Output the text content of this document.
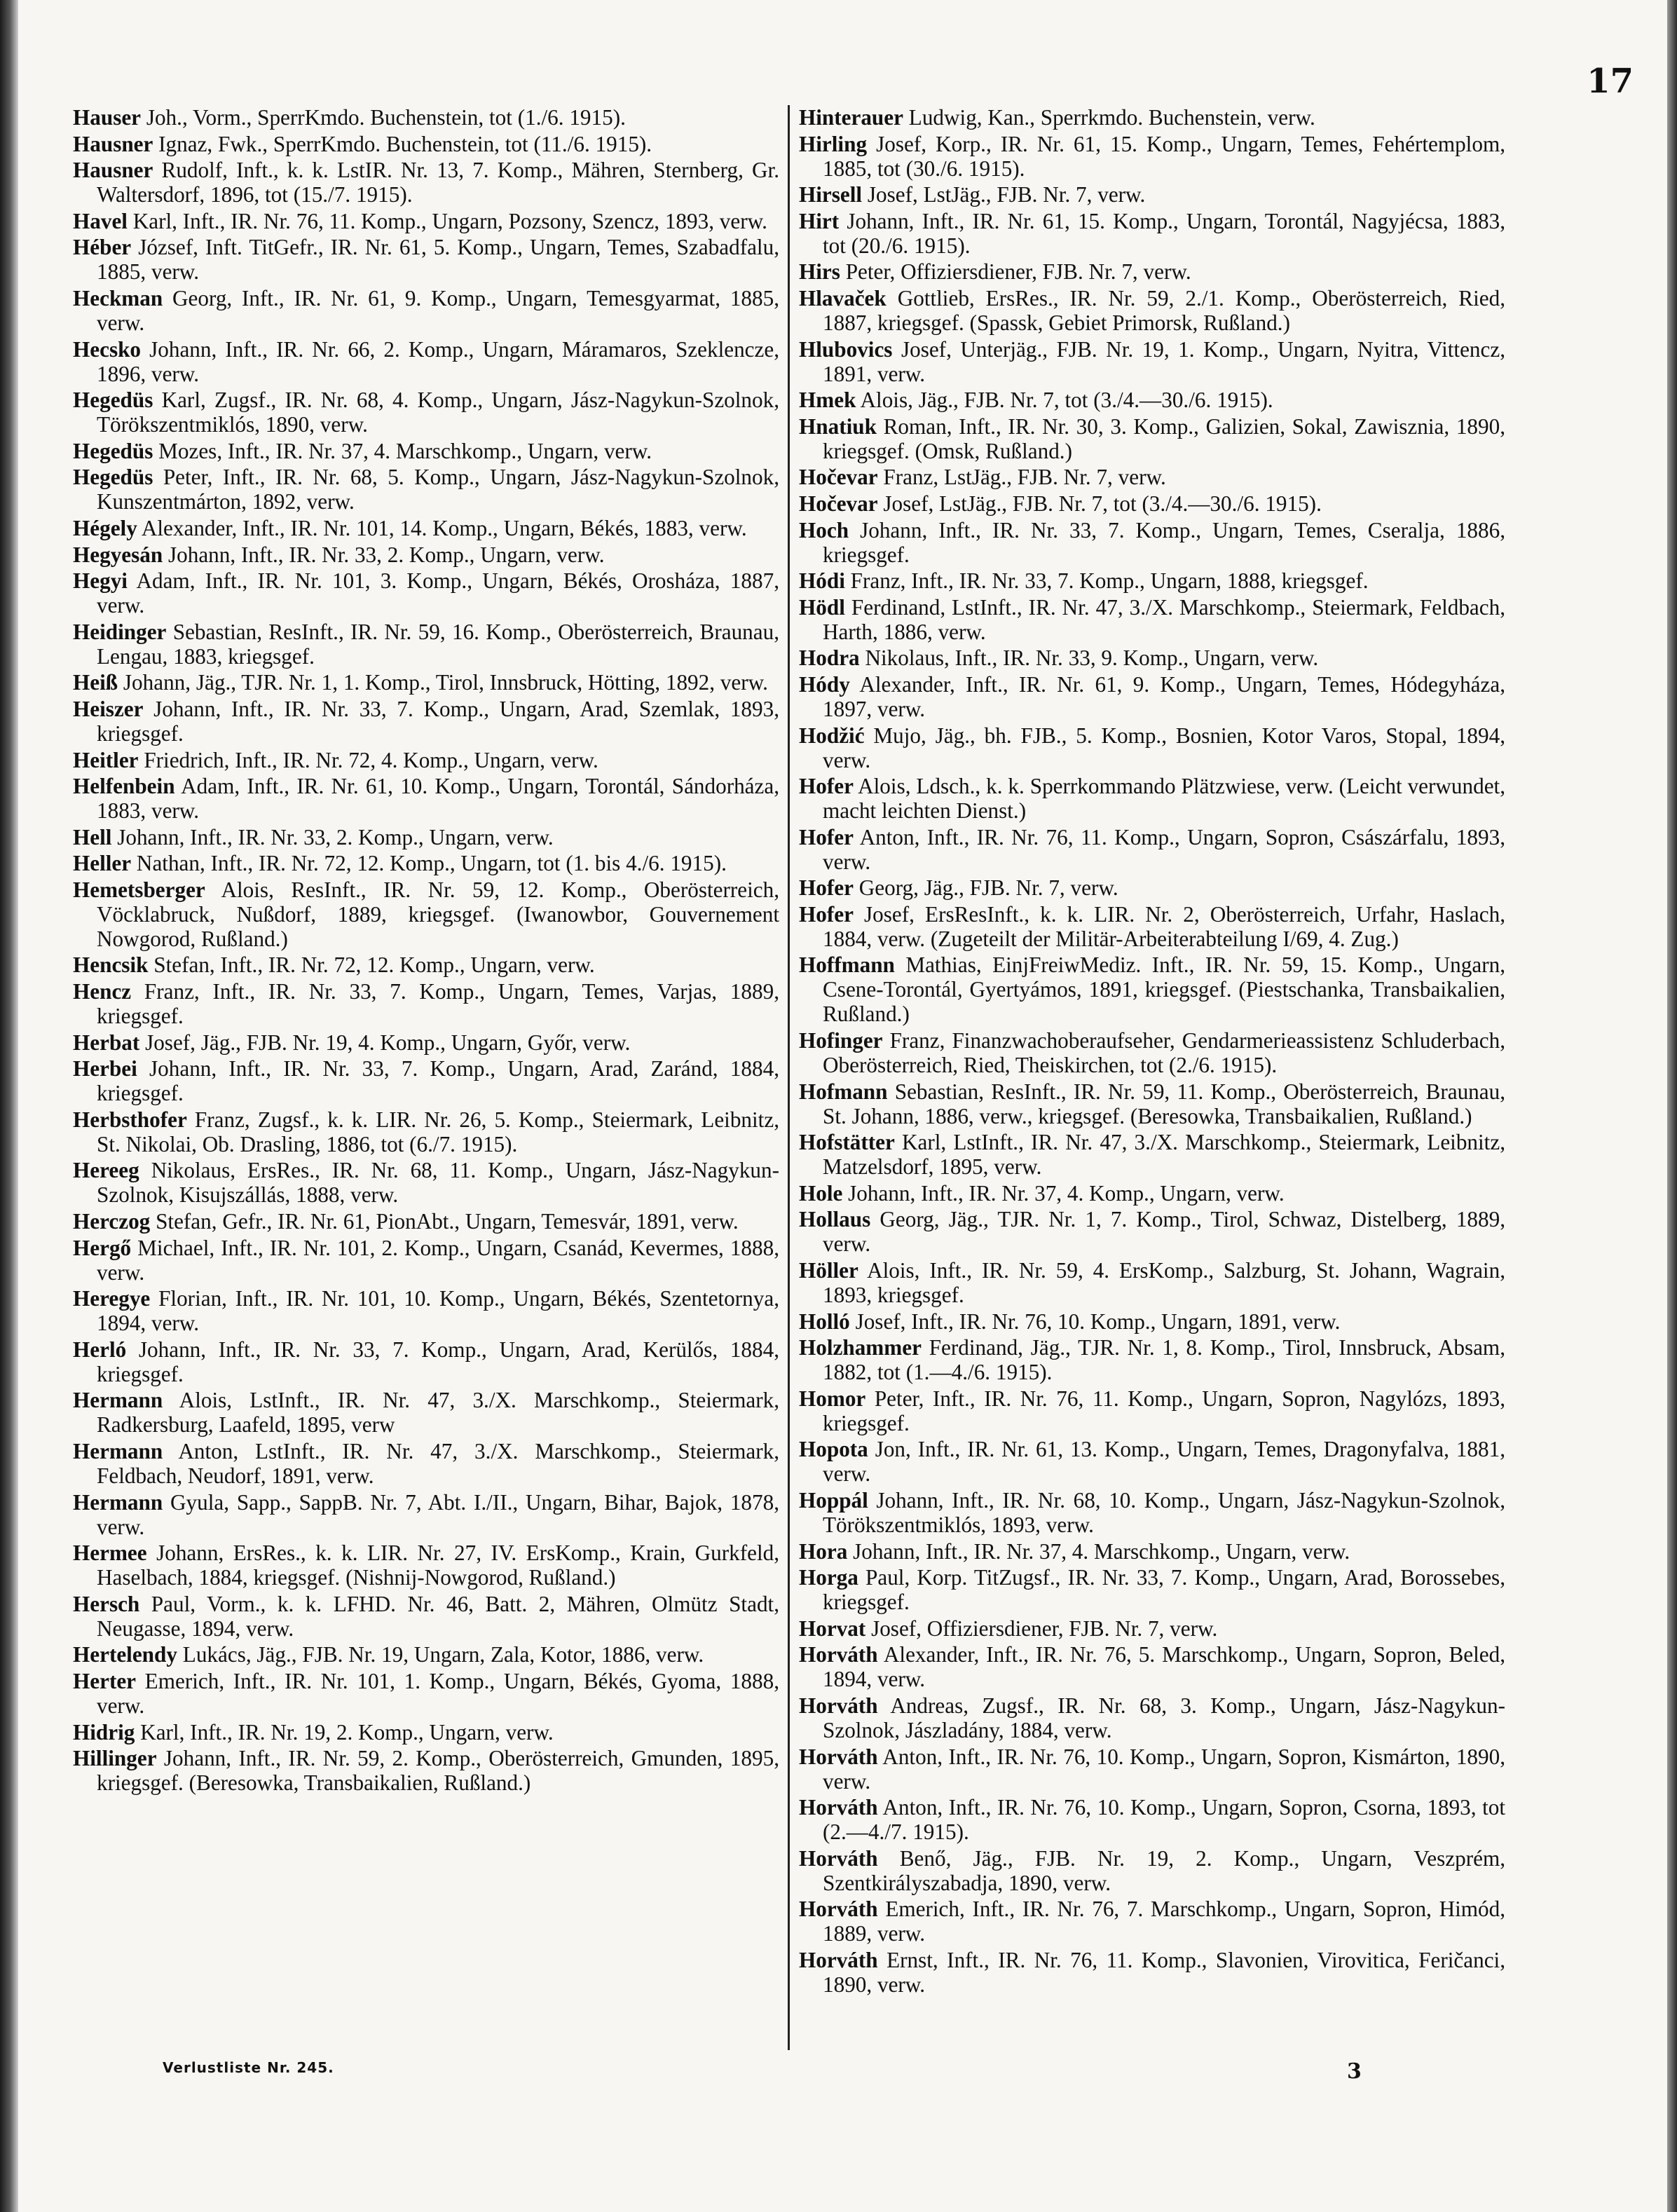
17

Hauser Joh., Vorm., SperrKmdo. Buchenstein, tot (1./6. 1915).

Hausner Ignaz, Fwk., SperrKmdo. Buchenstein, tot (11./6. 1915).

Hausner Rudolf, Inft., k. k. LstIR. Nr. 13, 7. Komp., Mähren, Sternberg, Gr. Waltersdorf, 1896, tot (15./7. 1915).

Havel Karl, Inft., IR. Nr. 76, 11. Komp., Ungarn, Pozsony, Szencz, 1893, verw.

Héber József, Inft. TitGefr., IR. Nr. 61, 5. Komp., Ungarn, Temes, Szabadfalu, 1885, verw.

Heckman Georg, Inft., IR. Nr. 61, 9. Komp., Ungarn, Temesgyarmat, 1885, verw.

Hecsko Johann, Inft., IR. Nr. 66, 2. Komp., Ungarn, Máramaros, Szeklencze, 1896, verw.

Hegedüs Karl, Zugsf., IR. Nr. 68, 4. Komp., Ungarn, Jász-Nagykun-Szolnok, Törökszentmiklós, 1890, verw.

Hegedüs Mozes, Inft., IR. Nr. 37, 4. Marschkomp., Ungarn, verw.

Hegedüs Peter, Inft., IR. Nr. 68, 5. Komp., Ungarn, Jász-Nagykun-Szolnok, Kunszentmárton, 1892, verw.

Hégely Alexander, Inft., IR. Nr. 101, 14. Komp., Ungarn, Békés, 1883, verw.

Hegyesán Johann, Inft., IR. Nr. 33, 2. Komp., Ungarn, verw.

Hegyi Adam, Inft., IR. Nr. 101, 3. Komp., Ungarn, Békés, Orosháza, 1887, verw.

Heidinger Sebastian, ResInft., IR. Nr. 59, 16. Komp., Oberösterreich, Braunau, Lengau, 1883, kriegsgef.

Heiß Johann, Jäg., TJR. Nr. 1, 1. Komp., Tirol, Innsbruck, Hötting, 1892, verw.

Heiszer Johann, Inft., IR. Nr. 33, 7. Komp., Ungarn, Arad, Szemlak, 1893, kriegsgef.

Heitler Friedrich, Inft., IR. Nr. 72, 4. Komp., Ungarn, verw.

Helfenbein Adam, Inft., IR. Nr. 61, 10. Komp., Ungarn, Torontál, Sándorháza, 1883, verw.

Hell Johann, Inft., IR. Nr. 33, 2. Komp., Ungarn, verw.

Heller Nathan, Inft., IR. Nr. 72, 12. Komp., Ungarn, tot (1. bis 4./6. 1915).

Hemetsberger Alois, ResInft., IR. Nr. 59, 12. Komp., Oberösterreich, Vöcklabruck, Nußdorf, 1889, kriegsgef. (Iwanowbor, Gouvernement Nowgorod, Rußland.)

Hencsik Stefan, Inft., IR. Nr. 72, 12. Komp., Ungarn, verw.

Hencz Franz, Inft., IR. Nr. 33, 7. Komp., Ungarn, Temes, Varjas, 1889, kriegsgef.

Herbat Josef, Jäg., FJB. Nr. 19, 4. Komp., Ungarn, Győr, verw.

Herbei Johann, Inft., IR. Nr. 33, 7. Komp., Ungarn, Arad, Zaránd, 1884, kriegsgef.

Herbsthofer Franz, Zugsf., k. k. LIR. Nr. 26, 5. Komp., Steiermark, Leibnitz, St. Nikolai, Ob. Drasling, 1886, tot (6./7. 1915).

Hereeg Nikolaus, ErsRes., IR. Nr. 68, 11. Komp., Ungarn, Jász-Nagykun-Szolnok, Kisujszállás, 1888, verw.

Herczog Stefan, Gefr., IR. Nr. 61, PionAbt., Ungarn, Temesvár, 1891, verw.

Hergő Michael, Inft., IR. Nr. 101, 2. Komp., Ungarn, Csanád, Kevermes, 1888, verw.

Heregye Florian, Inft., IR. Nr. 101, 10. Komp., Ungarn, Békés, Szentetornya, 1894, verw.

Herló Johann, Inft., IR. Nr. 33, 7. Komp., Ungarn, Arad, Kerülős, 1884, kriegsgef.

Hermann Alois, LstInft., IR. Nr. 47, 3./X. Marschkomp., Steiermark, Radkersburg, Laafeld, 1895, verw

Hermann Anton, LstInft., IR. Nr. 47, 3./X. Marschkomp., Steiermark, Feldbach, Neudorf, 1891, verw.

Hermann Gyula, Sapp., SappB. Nr. 7, Abt. I./II., Ungarn, Bihar, Bajok, 1878, verw.

Hermee Johann, ErsRes., k. k. LIR. Nr. 27, IV. ErsKomp., Krain, Gurkfeld, Haselbach, 1884, kriegsgef. (Nishnij-Nowgorod, Rußland.)

Hersch Paul, Vorm., k. k. LFHD. Nr. 46, Batt. 2, Mähren, Olmütz Stadt, Neugasse, 1894, verw.

Hertelendy Lukács, Jäg., FJB. Nr. 19, Ungarn, Zala, Kotor, 1886, verw.

Herter Emerich, Inft., IR. Nr. 101, 1. Komp., Ungarn, Békés, Gyoma, 1888, verw.

Hidrig Karl, Inft., IR. Nr. 19, 2. Komp., Ungarn, verw.

Hillinger Johann, Inft., IR. Nr. 59, 2. Komp., Oberösterreich, Gmunden, 1895, kriegsgef. (Beresowka, Transbaikalien, Rußland.)

Hinterauer Ludwig, Kan., Sperrkmdo. Buchenstein, verw.

Hirling Josef, Korp., IR. Nr. 61, 15. Komp., Ungarn, Temes, Fehértemplom, 1885, tot (30./6. 1915).

Hirsell Josef, LstJäg., FJB. Nr. 7, verw.

Hirt Johann, Inft., IR. Nr. 61, 15. Komp., Ungarn, Torontál, Nagyjécsa, 1883, tot (20./6. 1915).

Hirs Peter, Offiziersdiener, FJB. Nr. 7, verw.

Hlavaček Gottlieb, ErsRes., IR. Nr. 59, 2./1. Komp., Oberösterreich, Ried, 1887, kriegsgef. (Spassk, Gebiet Primorsk, Rußland.)

Hlubovics Josef, Unterjäg., FJB. Nr. 19, 1. Komp., Ungarn, Nyitra, Vittencz, 1891, verw.

Hmek Alois, Jäg., FJB. Nr. 7, tot (3./4.—30./6. 1915).

Hnatiuk Roman, Inft., IR. Nr. 30, 3. Komp., Galizien, Sokal, Zawisznia, 1890, kriegsgef. (Omsk, Rußland.)

Hočevar Franz, LstJäg., FJB. Nr. 7, verw.

Hočevar Josef, LstJäg., FJB. Nr. 7, tot (3./4.—30./6. 1915).

Hoch Johann, Inft., IR. Nr. 33, 7. Komp., Ungarn, Temes, Cseralja, 1886, kriegsgef.

Hódi Franz, Inft., IR. Nr. 33, 7. Komp., Ungarn, 1888, kriegsgef.

Hödl Ferdinand, LstInft., IR. Nr. 47, 3./X. Marschkomp., Steiermark, Feldbach, Harth, 1886, verw.

Hodra Nikolaus, Inft., IR. Nr. 33, 9. Komp., Ungarn, verw.

Hódy Alexander, Inft., IR. Nr. 61, 9. Komp., Ungarn, Temes, Hódegyháza, 1897, verw.

Hodžić Mujo, Jäg., bh. FJB., 5. Komp., Bosnien, Kotor Varos, Stopal, 1894, verw.

Hofer Alois, Ldsch., k. k. Sperrkommando Plätzwiese, verw. (Leicht verwundet, macht leichten Dienst.)

Hofer Anton, Inft., IR. Nr. 76, 11. Komp., Ungarn, Sopron, Császárfalu, 1893, verw.

Hofer Georg, Jäg., FJB. Nr. 7, verw.

Hofer Josef, ErsResInft., k. k. LIR. Nr. 2, Oberösterreich, Urfahr, Haslach, 1884, verw. (Zugeteilt der Militär-Arbeiterabteilung I/69, 4. Zug.)

Hoffmann Mathias, EinjFreiwMediz. Inft., IR. Nr. 59, 15. Komp., Ungarn, Csene-Torontál, Gyertyámos, 1891, kriegsgef. (Piestschanka, Transbaikalien, Rußland.)

Hofinger Franz, Finanzwachoberaufseher, Gendarmerieassistenz Schluderbach, Oberösterreich, Ried, Theiskirchen, tot (2./6. 1915).

Hofmann Sebastian, ResInft., IR. Nr. 59, 11. Komp., Oberösterreich, Braunau, St. Johann, 1886, verw., kriegsgef. (Beresowka, Transbaikalien, Rußland.)

Hofstätter Karl, LstInft., IR. Nr. 47, 3./X. Marschkomp., Steiermark, Leibnitz, Matzelsdorf, 1895, verw.

Hole Johann, Inft., IR. Nr. 37, 4. Komp., Ungarn, verw.

Hollaus Georg, Jäg., TJR. Nr. 1, 7. Komp., Tirol, Schwaz, Distelberg, 1889, verw.

Höller Alois, Inft., IR. Nr. 59, 4. ErsKomp., Salzburg, St. Johann, Wagrain, 1893, kriegsgef.

Holló Josef, Inft., IR. Nr. 76, 10. Komp., Ungarn, 1891, verw.

Holzhammer Ferdinand, Jäg., TJR. Nr. 1, 8. Komp., Tirol, Innsbruck, Absam, 1882, tot (1.—4./6. 1915).

Homor Peter, Inft., IR. Nr. 76, 11. Komp., Ungarn, Sopron, Nagylózs, 1893, kriegsgef.

Hopota Jon, Inft., IR. Nr. 61, 13. Komp., Ungarn, Temes, Dragonyfalva, 1881, verw.

Hoppál Johann, Inft., IR. Nr. 68, 10. Komp., Ungarn, Jász-Nagykun-Szolnok, Törökszentmiklós, 1893, verw.

Hora Johann, Inft., IR. Nr. 37, 4. Marschkomp., Ungarn, verw.

Horga Paul, Korp. TitZugsf., IR. Nr. 33, 7. Komp., Ungarn, Arad, Borossebes, kriegsgef.

Horvat Josef, Offiziersdiener, FJB. Nr. 7, verw.

Horváth Alexander, Inft., IR. Nr. 76, 5. Marschkomp., Ungarn, Sopron, Beled, 1894, verw.

Horváth Andreas, Zugsf., IR. Nr. 68, 3. Komp., Ungarn, Jász-Nagykun-Szolnok, Jászladány, 1884, verw.

Horváth Anton, Inft., IR. Nr. 76, 10. Komp., Ungarn, Sopron, Kismárton, 1890, verw.

Horváth Anton, Inft., IR. Nr. 76, 10. Komp., Ungarn, Sopron, Csorna, 1893, tot (2.—4./7. 1915).

Horváth Benő, Jäg., FJB. Nr. 19, 2. Komp., Ungarn, Veszprém, Szentkirályszabadja, 1890, verw.

Horváth Emerich, Inft., IR. Nr. 76, 7. Marschkomp., Ungarn, Sopron, Himód, 1889, verw.

Horváth Ernst, Inft., IR. Nr. 76, 11. Komp., Slavonien, Virovitica, Feričanci, 1890, verw.

Verlustliste Nr. 245.	3
